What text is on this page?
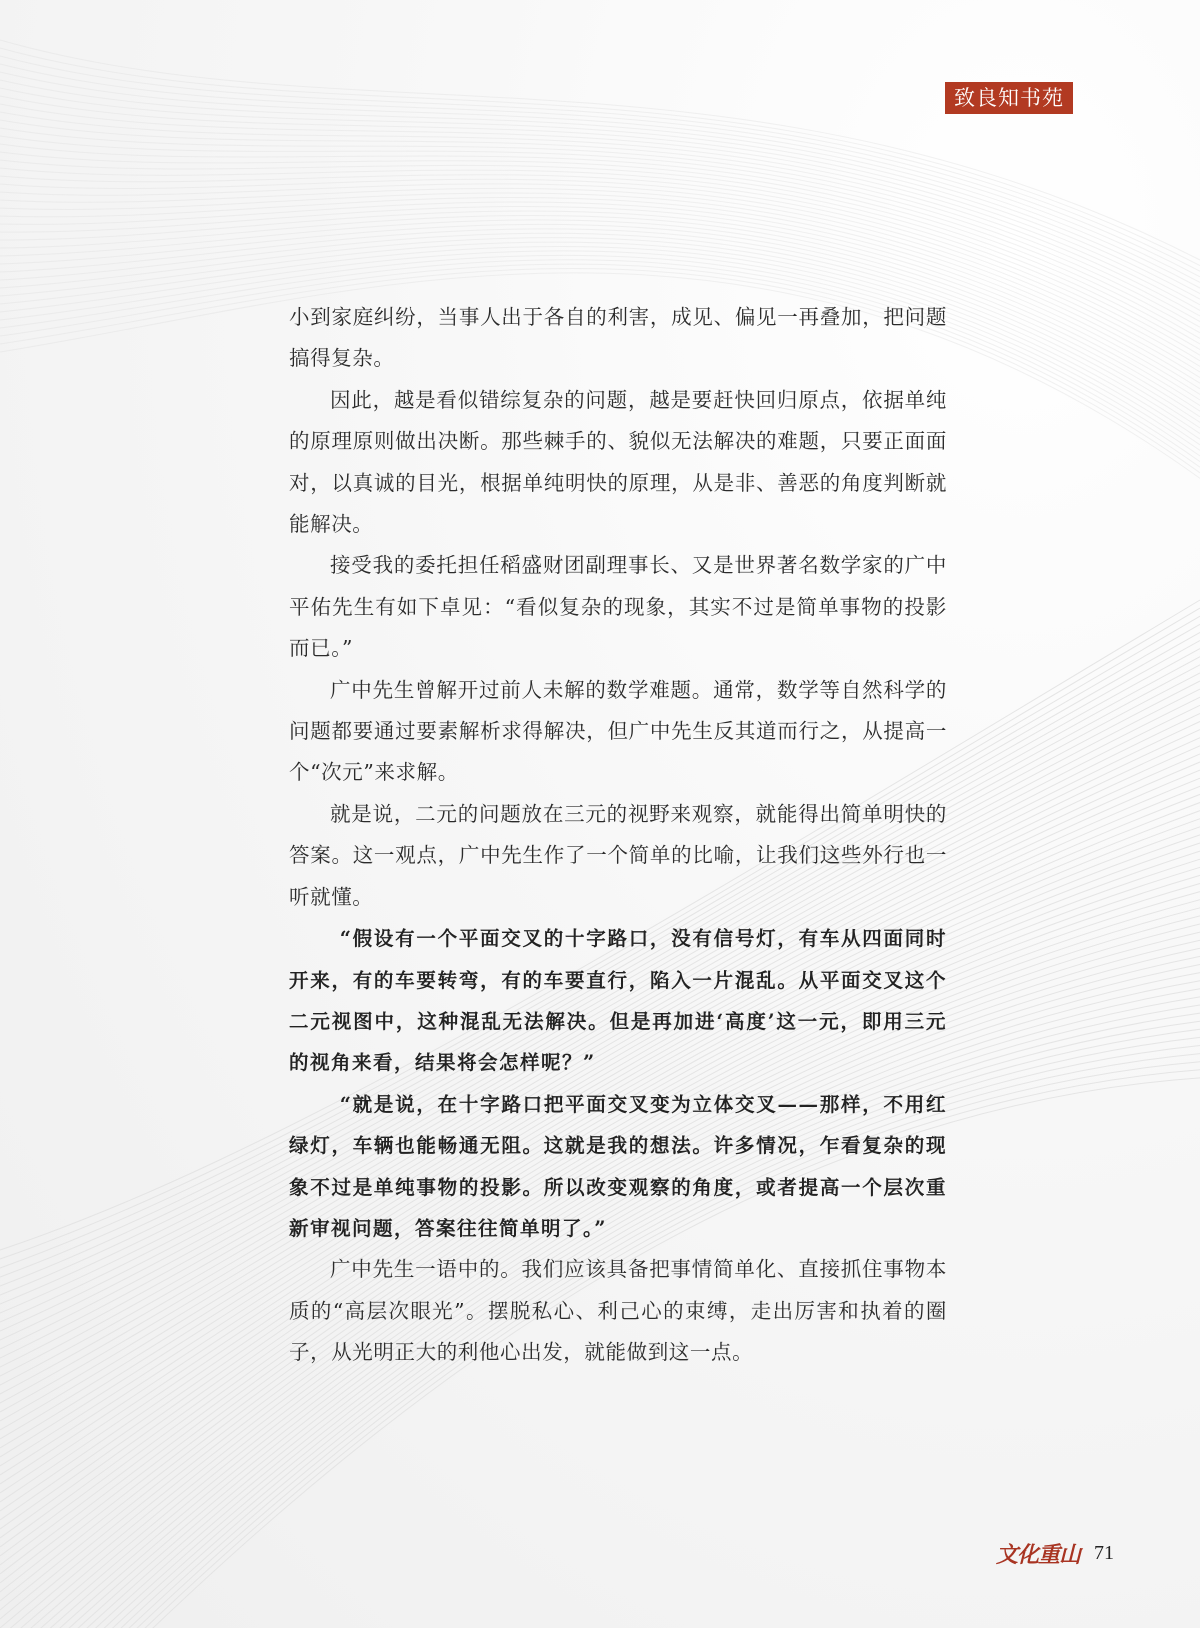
致良知书苑

小到家庭纠纷，当事人出于各自的利害，成见、偏见一再叠加，把问题搞得复杂。

因此，越是看似错综复杂的问题，越是要赶快回归原点，依据单纯的原理原则做出决断。那些棘手的、貌似无法解决的难题，只要正面面对，以真诚的目光，根据单纯明快的原理，从是非、善恶的角度判断就能解决。

接受我的委托担任稻盛财团副理事长、又是世界著名数学家的广中平佑先生有如下卓见：“看似复杂的现象，其实不过是简单事物的投影而已。”

广中先生曾解开过前人未解的数学难题。通常，数学等自然科学的问题都要通过要素解析求得解决，但广中先生反其道而行之，从提高一个“次元”来求解。

就是说，二元的问题放在三元的视野来观察，就能得出简单明快的答案。这一观点，广中先生作了一个简单的比喻，让我们这些外行也一听就懂。

“假设有一个平面交叉的十字路口，没有信号灯，有车从四面同时开来，有的车要转弯，有的车要直行，陷入一片混乱。从平面交叉这个二元视图中，这种混乱无法解决。但是再加进‘高度’这一元，即用三元的视角来看，结果将会怎样呢？”

“就是说，在十字路口把平面交叉变为立体交叉——那样，不用红绿灯，车辆也能畅通无阻。这就是我的想法。许多情况，乍看复杂的现象不过是单纯事物的投影。所以改变观察的角度，或者提高一个层次重新审视问题，答案往往简单明了。”

广中先生一语中的。我们应该具备把事情简单化、直接抓住事物本质的“高层次眼光”。摆脱私心、利己心的束缚，走出厉害和执着的圈子，从光明正大的利他心出发，就能做到这一点。

文化重山 71
